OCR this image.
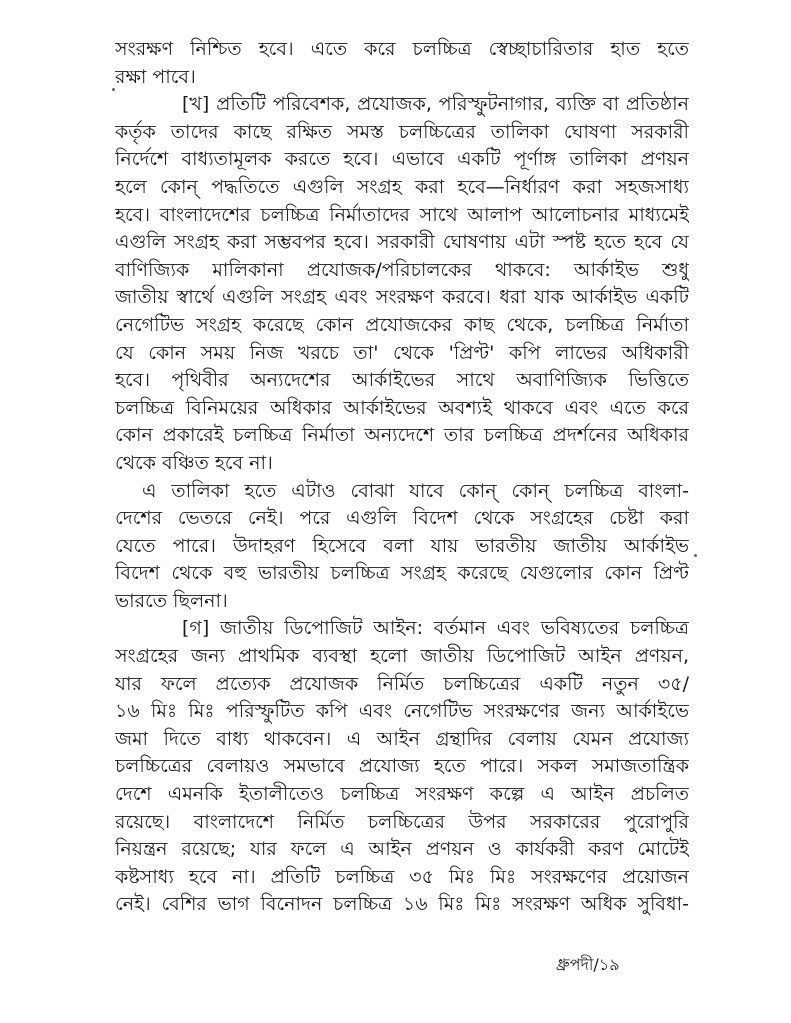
সংরক্ষণ নিশ্চিত হবে। এতে করে চলচ্চিত্র স্বেচ্ছাচারিতার হাত হতে
রক্ষা পাবে।
[খ] প্রতিটি পরিবেশক, প্রযোজক, পরিস্ফুটনাগার, ব্যক্তি বা প্রতিষ্ঠান
কর্তৃক তাদের কাছে রক্ষিত সমস্ত চলচ্চিত্রের তালিকা ঘোষণা সরকারী
নির্দেশে বাধ্যতামূলক করতে হবে। এভাবে একটি পূর্ণাঙ্গ তালিকা প্রণয়ন
হলে কোন্ পদ্ধতিতে এগুলি সংগ্রহ করা হবে—নির্ধারণ করা সহজসাধ্য
হবে। বাংলাদেশের চলচ্চিত্র নির্মাতাদের সাথে আলাপ আলোচনার মাধ্যমেই
এগুলি সংগ্রহ করা সম্ভবপর হবে। সরকারী ঘোষণায় এটা স্পষ্ট হতে হবে যে
বাণিজ্যিক মালিকানা প্রযোজক/পরিচালকের থাকবে: আর্কাইভ শুধু
জাতীয় স্বার্থে এগুলি সংগ্রহ এবং সংরক্ষণ করবে। ধরা যাক আর্কাইভ একটি
নেগেটিভ সংগ্রহ করেছে কোন প্রযোজকের কাছ থেকে, চলচ্চিত্র নির্মাতা
যে কোন সময় নিজ খরচে তা' থেকে 'প্রিণ্ট' কপি লাভের অধিকারী
হবে। পৃথিবীর অন্যদেশের আর্কাইভের সাথে অবাণিজ্যিক ভিত্তিতে
চলচ্চিত্র বিনিময়ের অধিকার আর্কাইভের অবশ্যই থাকবে এবং এতে করে
কোন প্রকারেই চলচ্চিত্র নির্মাতা অন্যদেশে তার চলচ্চিত্র প্রদর্শনের অধিকার
থেকে বঞ্চিত হবে না।
এ তালিকা হতে এটাও বোঝা যাবে কোন্ কোন্ চলচ্চিত্র বাংলা-
দেশের ভেতরে নেই। পরে এগুলি বিদেশ থেকে সংগ্রহের চেষ্টা করা
যেতে পারে। উদাহরণ হিসেবে বলা যায় ভারতীয় জাতীয় আর্কাইভ
বিদেশ থেকে বহু ভারতীয় চলচ্চিত্র সংগ্রহ করেছে যেগুলোর কোন প্রিণ্ট
ভারতে ছিলনা।
[গ] জাতীয় ডিপোজিট আইন: বর্তমান এবং ভবিষ্যতের চলচ্চিত্র
সংগ্রহের জন্য প্রাথমিক ব্যবস্থা হলো জাতীয় ডিপোজিট আইন প্রণয়ন,
যার ফলে প্রত্যেক প্রযোজক নির্মিত চলচ্চিত্রের একটি নতুন ৩৫/
১৬ মিঃ মিঃ পরিস্ফুটিত কপি এবং নেগেটিভ সংরক্ষণের জন্য আর্কাইভে
জমা দিতে বাধ্য থাকবেন। এ আইন গ্রন্থাদির বেলায় যেমন প্রযোজ্য
চলচ্চিত্রের বেলায়ও সমভাবে প্রযোজ্য হতে পারে। সকল সমাজতান্ত্রিক
দেশে এমনকি ইতালীতেও চলচ্চিত্র সংরক্ষণ কল্পে এ আইন প্রচলিত
রয়েছে। বাংলাদেশে নির্মিত চলচ্চিত্রের উপর সরকারের পুরোপুরি
নিয়ন্ত্রন রয়েছে; যার ফলে এ আইন প্রণয়ন ও কার্যকরী করণ মোটেই
কষ্টসাধ্য হবে না। প্রতিটি চলচ্চিত্র ৩৫ মিঃ মিঃ সংরক্ষণের প্রয়োজন
নেই। বেশির ভাগ বিনোদন চলচ্চিত্র ১৬ মিঃ মিঃ সংরক্ষণ অধিক সুবিধা-
ধ্রুপদী/১৯
